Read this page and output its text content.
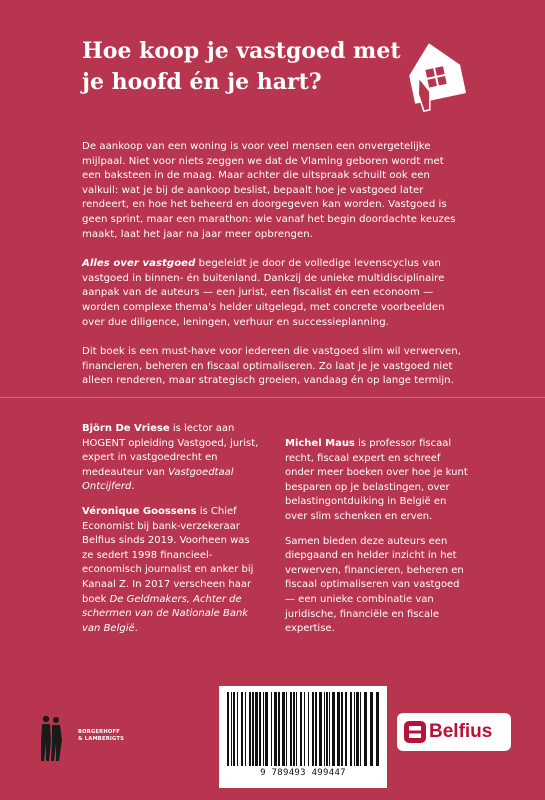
Hoe koop je vastgoed met
je hoofd én je hart?

De aankoop van een woning is voor veel mensen een onvergetelijke mijlpaal. Niet voor niets zeggen we dat de Vlaming geboren wordt met een baksteen in de maag. Maar achter die uitspraak schuilt ook een valkuil: wat je bij de aankoop beslist, bepaalt hoe je vastgoed later rendeert, en hoe het beheerd en doorgegeven kan worden. Vastgoed is geen sprint, maar een marathon: wie vanaf het begin doordachte keuzes maakt, laat het jaar na jaar meer opbrengen.

Alles over vastgoed begeleidt je door de volledige levenscyclus van vastgoed in binnen- én buitenland. Dankzij de unieke multidisciplinaire aanpak van de auteurs — een jurist, een fiscalist én een econoom — worden complexe thema's helder uitgelegd, met concrete voorbeelden over due diligence, leningen, verhuur en successieplanning.

Dit boek is een must-have voor iedereen die vastgoed slim wil verwerven, financieren, beheren en fiscaal optimaliseren. Zo laat je je vastgoed niet alleen renderen, maar strategisch groeien, vandaag én op lange termijn.

Björn De Vriese is lector aan HOGENT opleiding Vastgoed, jurist, expert in vastgoedrecht en medeauteur van Vastgoedtaal Ontcijferd.

Véronique Goossens is Chief Economist bij bank-verzekeraar Belfius sinds 2019. Voorheen was ze sedert 1998 financieel-economisch journalist en anker bij Kanaal Z. In 2017 verscheen haar boek De Geldmakers, Achter de schermen van de Nationale Bank van België.

Michel Maus is professor fiscaal recht, fiscaal expert en schreef onder meer boeken over hoe je kunt besparen op je belastingen, over belastingontduiking in België en over slim schenken en erven.

Samen bieden deze auteurs een diepgaand en helder inzicht in het verwerven, financieren, beheren en fiscaal optimaliseren van vastgoed — een unieke combinatie van juridische, financiële en fiscale expertise.

BORGERHOFF
& LAMBERIGTS
9 789493 499447
Belfius
